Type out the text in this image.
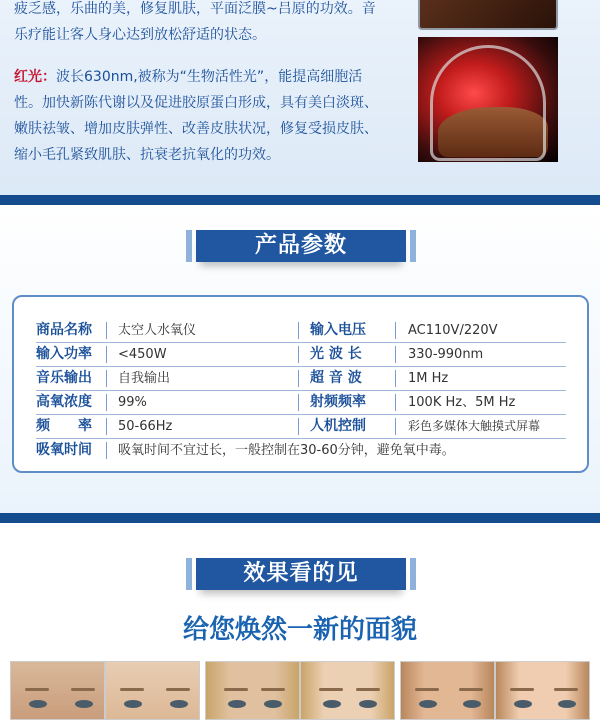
疲乏感，乐曲的美，修复肌肤，平面泛膜~吕原的功效。音
乐疗能让客人身心达到放松舒适的状态。
红光：波长630nm,被称为“生物活性光”，能提高细胞活
性。加快新陈代谢以及促进胶原蛋白形成，具有美白淡斑、
嫩肤祛皱、增加皮肤弹性、改善皮肤状况，修复受损皮肤、
缩小毛孔紧致肌肤、抗衰老抗氧化的功效。
产品参数
商品名称 太空人水氧仪	输入电压	AC110V/220V
输入功率 <450W	光 波 长	330-990nm
音乐输出 自我输出	超 音 波	1M Hz
高氧浓度 99%	射频频率	100K Hz、5M Hz
频　　率 50-66Hz	人机控制	彩色多媒体大触摸式屏幕
吸氧时间 吸氧时间不宜过长，一般控制在30-60分钟，避免氧中毒。
效果看的见
给您焕然一新的面貌
